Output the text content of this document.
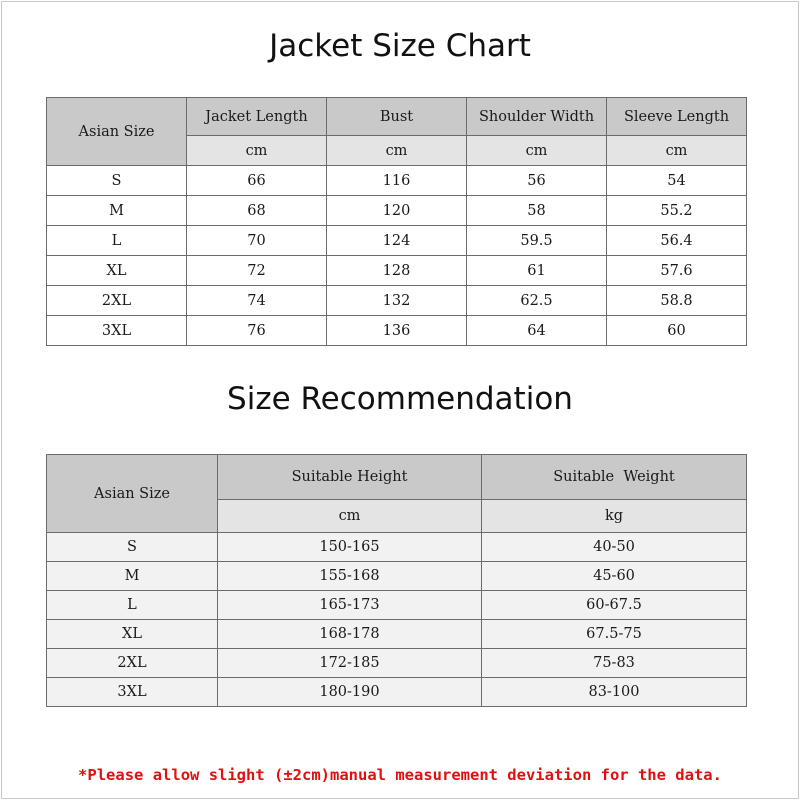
Jacket Size Chart
Asian Size	Jacket Length	Bust	Shoulder Width	Sleeve Length
	cm	cm	cm	cm
S	66	116	56	54
M	68	120	58	55.2
L	70	124	59.5	56.4
XL	72	128	61	57.6
2XL	74	132	62.5	58.8
3XL	76	136	64	60
Size Recommendation
Asian Size	Suitable Height	Suitable  Weight
	cm	kg
S	150-165	40-50
M	155-168	45-60
L	165-173	60-67.5
XL	168-178	67.5-75
2XL	172-185	75-83
3XL	180-190	83-100
*Please allow slight (±2cm)manual measurement deviation for the data.
